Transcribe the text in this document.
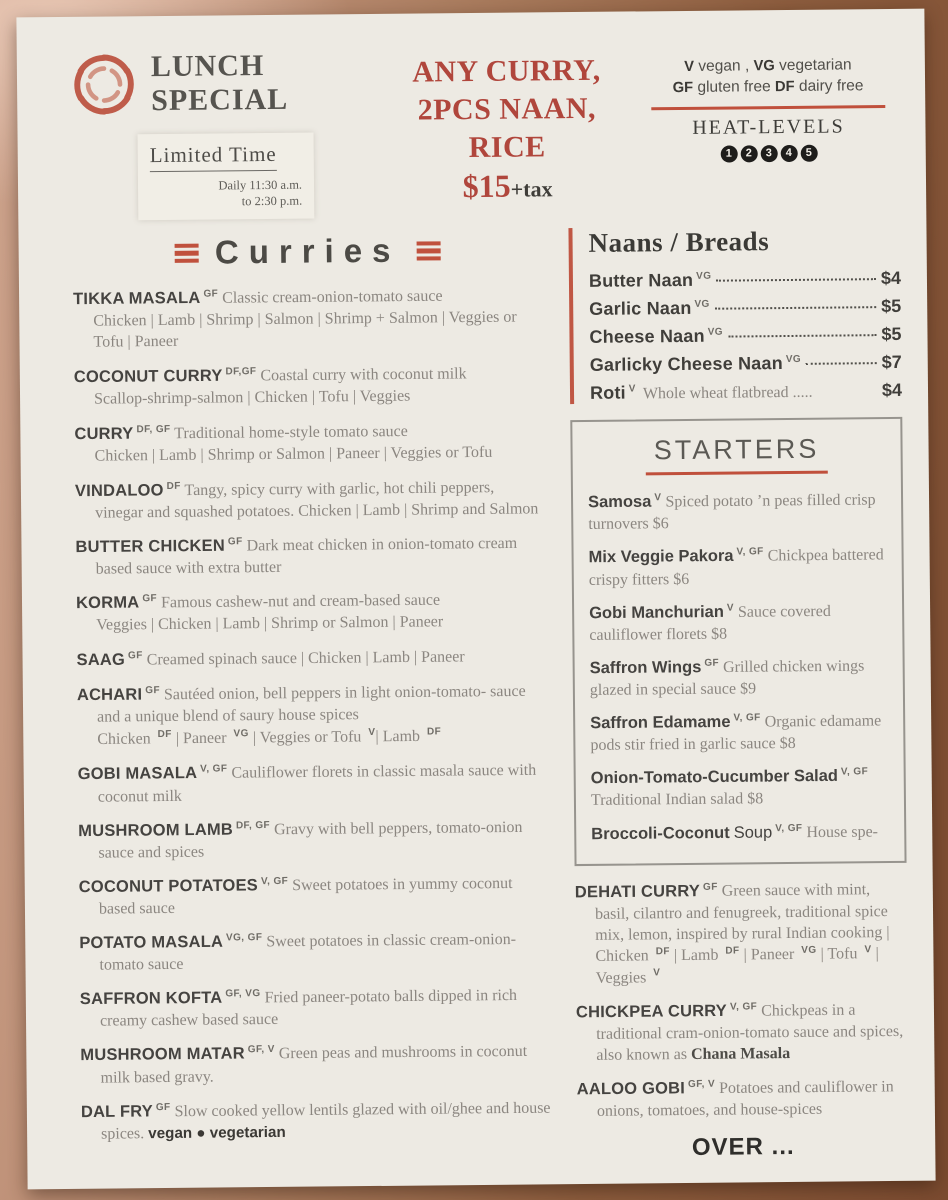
LUNCH
SPECIAL
Limited Time
Daily 11:30 a.m.
to 2:30 p.m.
ANY CURRY,
2PCS NAAN,
RICE
$15+tax
V vegan , VG vegetarian
GF gluten free DF dairy free
HEAT-LEVELS
1 2 3 4 5
Curries

TIKKA MASALA $^{GF}$ Classic cream-onion-tomato sauce

Chicken | Lamb | Shrimp | Salmon | Shrimp + Salmon | Veggies or Tofu | Paneer

COCONUT CURRY $^{DF,GF}$ Coastal curry with coconut milk

Scallop-shrimp-salmon | Chicken | Tofu | Veggies

CURRY $^{DF, GF}$ Traditional home-style tomato sauce

Chicken | Lamb | Shrimp or Salmon | Paneer | Veggies or Tofu

VINDALOO $^{DF}$ Tangy, spicy curry with garlic, hot chili peppers, vinegar and squashed potatoes. Chicken | Lamb | Shrimp and Salmon

BUTTER CHICKEN $^{GF}$ Dark meat chicken in onion-tomato cream based sauce with extra butter

KORMA $^{GF}$ Famous cashew-nut and cream-based sauce

Veggies | Chicken | Lamb | Shrimp or Salmon | Paneer

SAAG $^{GF}$ Creamed spinach sauce | Chicken | Lamb | Paneer

ACHARI $^{GF}$ Sautéed onion, bell peppers in light onion-tomato- sauce and a unique blend of saury house spices

Chicken $^{DF}$ | Paneer $^{VG}$ | Veggies or Tofu $^V$| Lamb $^{DF}$

GOBI MASALA $^{V, GF}$ Cauliflower florets in classic masala sauce with coconut milk

MUSHROOM LAMB $^{DF, GF}$ Gravy with bell peppers, tomato-onion sauce and spices

COCONUT POTATOES $^{V, GF}$ Sweet potatoes in yummy coconut based sauce

POTATO MASALA $^{VG, GF}$ Sweet potatoes in classic cream-onion-tomato sauce

SAFFRON KOFTA $^{GF, VG}$ Fried paneer-potato balls dipped in rich creamy cashew based sauce

MUSHROOM MATAR $^{GF, V}$ Green peas and mushrooms in coconut milk based gravy.

DAL FRY $^{GF}$ Slow cooked yellow lentils glazed with oil/ghee and house spices. vegan ● vegetarian

Naans / Breads
Butter Naan $^{VG}$	$4
Garlic Naan $^{VG}$	$5
Cheese Naan $^{VG}$	$5
Garlicky Cheese Naan $^{VG}$	$7
Roti $^V$ Whole wheat flatbread .....	$4
STARTERS
Samosa $^V$ Spiced potato ’n peas filled crisp turnovers $6
Mix Veggie Pakora $^{V, GF}$ Chickpea battered crispy fitters $6
Gobi Manchurian $^V$ Sauce covered cauliflower florets $8
Saffron Wings $^{GF}$ Grilled chicken wings glazed in special sauce $9
Saffron Edamame $^{V, GF}$ Organic edamame pods stir fried in garlic sauce $8
Onion-Tomato-Cucumber Salad $^{V, GF}$ Traditional Indian salad $8
Broccoli-Coconut Soup $^{V, GF}$ House spe-

DEHATI CURRY $^{GF}$ Green sauce with mint, basil, cilantro and fenugreek, traditional spice mix, lemon, inspired by rural Indian cooking | Chicken $^{DF}$ | Lamb $^{DF}$ | Paneer $^{VG}$ | Tofu $^V$ | Veggies $^V$

CHICKPEA CURRY $^{V, GF}$ Chickpeas in a traditional cram-onion-tomato sauce and spices, also known as Chana Masala

AALOO GOBI $^{GF, V}$ Potatoes and cauliflower in onions, tomatoes, and house-spices

OVER ...
